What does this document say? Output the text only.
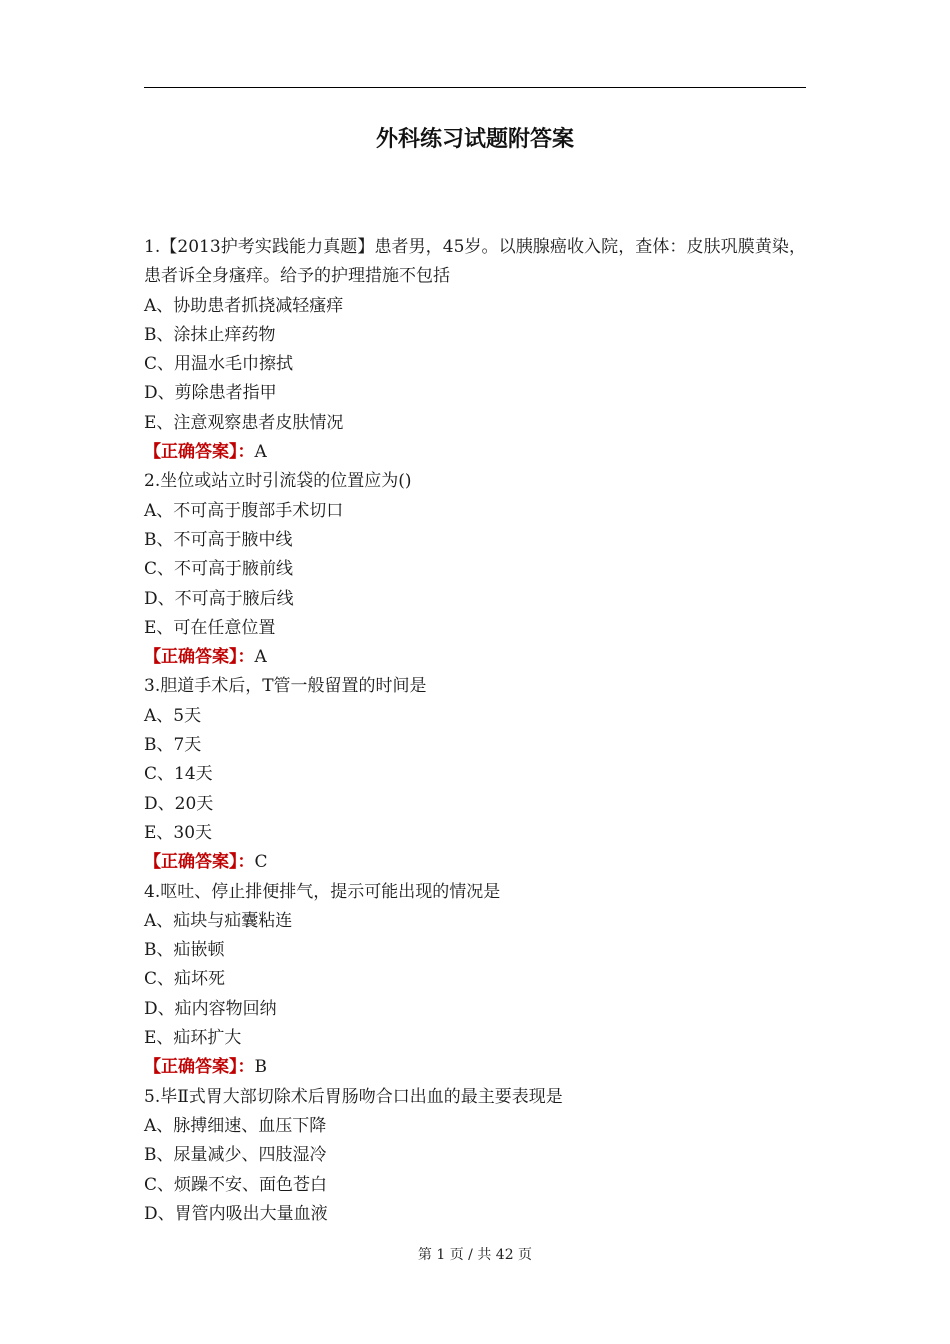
外科练习试题附答案
1.【2013护考实践能力真题】患者男，45岁。以胰腺癌收入院，查体：皮肤巩膜黄染，患者诉全身瘙痒。给予的护理措施不包括
A、协助患者抓挠减轻瘙痒
B、涂抹止痒药物
C、用温水毛巾擦拭
D、剪除患者指甲
E、注意观察患者皮肤情况
【正确答案】：A
2.坐位或站立时引流袋的位置应为()
A、不可高于腹部手术切口
B、不可高于腋中线
C、不可高于腋前线
D、不可高于腋后线
E、可在任意位置
【正确答案】：A
3.胆道手术后，T管一般留置的时间是
A、5天
B、7天
C、14天
D、20天
E、30天
【正确答案】：C
4.呕吐、停止排便排气，提示可能出现的情况是
A、疝块与疝囊粘连
B、疝嵌顿
C、疝坏死
D、疝内容物回纳
E、疝环扩大
【正确答案】：B
5.毕Ⅱ式胃大部切除术后胃肠吻合口出血的最主要表现是
A、脉搏细速、血压下降
B、尿量减少、四肢湿冷
C、烦躁不安、面色苍白
D、胃管内吸出大量血液
第 1 页 / 共 42 页
